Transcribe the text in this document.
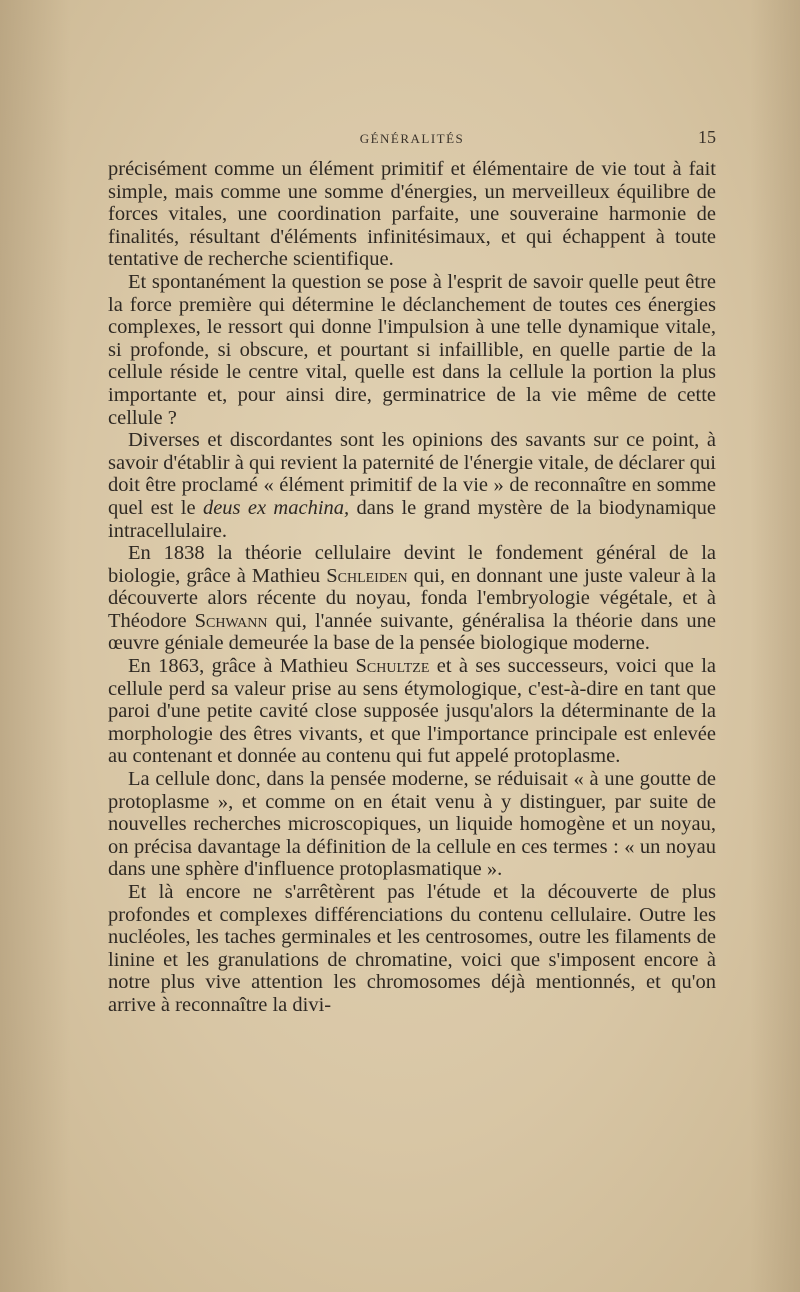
GÉNÉRALITÉS	15

précisément comme un élément primitif et élémentaire de vie tout à fait simple, mais comme une somme d'énergies, un merveilleux équilibre de forces vitales, une coordination parfaite, une souveraine harmonie de finalités, résultant d'éléments infinitésimaux, et qui échappent à toute tentative de recherche scientifique.

Et spontanément la question se pose à l'esprit de savoir quelle peut être la force première qui détermine le déclanchement de toutes ces énergies complexes, le ressort qui donne l'impulsion à une telle dynamique vitale, si profonde, si obscure, et pourtant si infaillible, en quelle partie de la cellule réside le centre vital, quelle est dans la cellule la portion la plus importante et, pour ainsi dire, germinatrice de la vie même de cette cellule ?

Diverses et discordantes sont les opinions des savants sur ce point, à savoir d'établir à qui revient la paternité de l'énergie vitale, de déclarer qui doit être proclamé « élément primitif de la vie » de reconnaître en somme quel est le deus ex machina, dans le grand mystère de la biodynamique intracellulaire.

En 1838 la théorie cellulaire devint le fondement général de la biologie, grâce à Mathieu Schleiden qui, en donnant une juste valeur à la découverte alors récente du noyau, fonda l'embryologie végétale, et à Théodore Schwann qui, l'année suivante, généralisa la théorie dans une œuvre géniale demeurée la base de la pensée biologique moderne.

En 1863, grâce à Mathieu Schultze et à ses successeurs, voici que la cellule perd sa valeur prise au sens étymologique, c'est-à-dire en tant que paroi d'une petite cavité close supposée jusqu'alors la déterminante de la morphologie des êtres vivants, et que l'importance principale est enlevée au contenant et donnée au contenu qui fut appelé protoplasme.

La cellule donc, dans la pensée moderne, se réduisait « à une goutte de protoplasme », et comme on en était venu à y distinguer, par suite de nouvelles recherches microscopiques, un liquide homogène et un noyau, on précisa davantage la définition de la cellule en ces termes : « un noyau dans une sphère d'influence protoplasmatique ».

Et là encore ne s'arrêtèrent pas l'étude et la découverte de plus profondes et complexes différenciations du contenu cellulaire. Outre les nucléoles, les taches germinales et les centrosomes, outre les filaments de linine et les granulations de chromatine, voici que s'imposent encore à notre plus vive attention les chromosomes déjà mentionnés, et qu'on arrive à reconnaître la divi-
